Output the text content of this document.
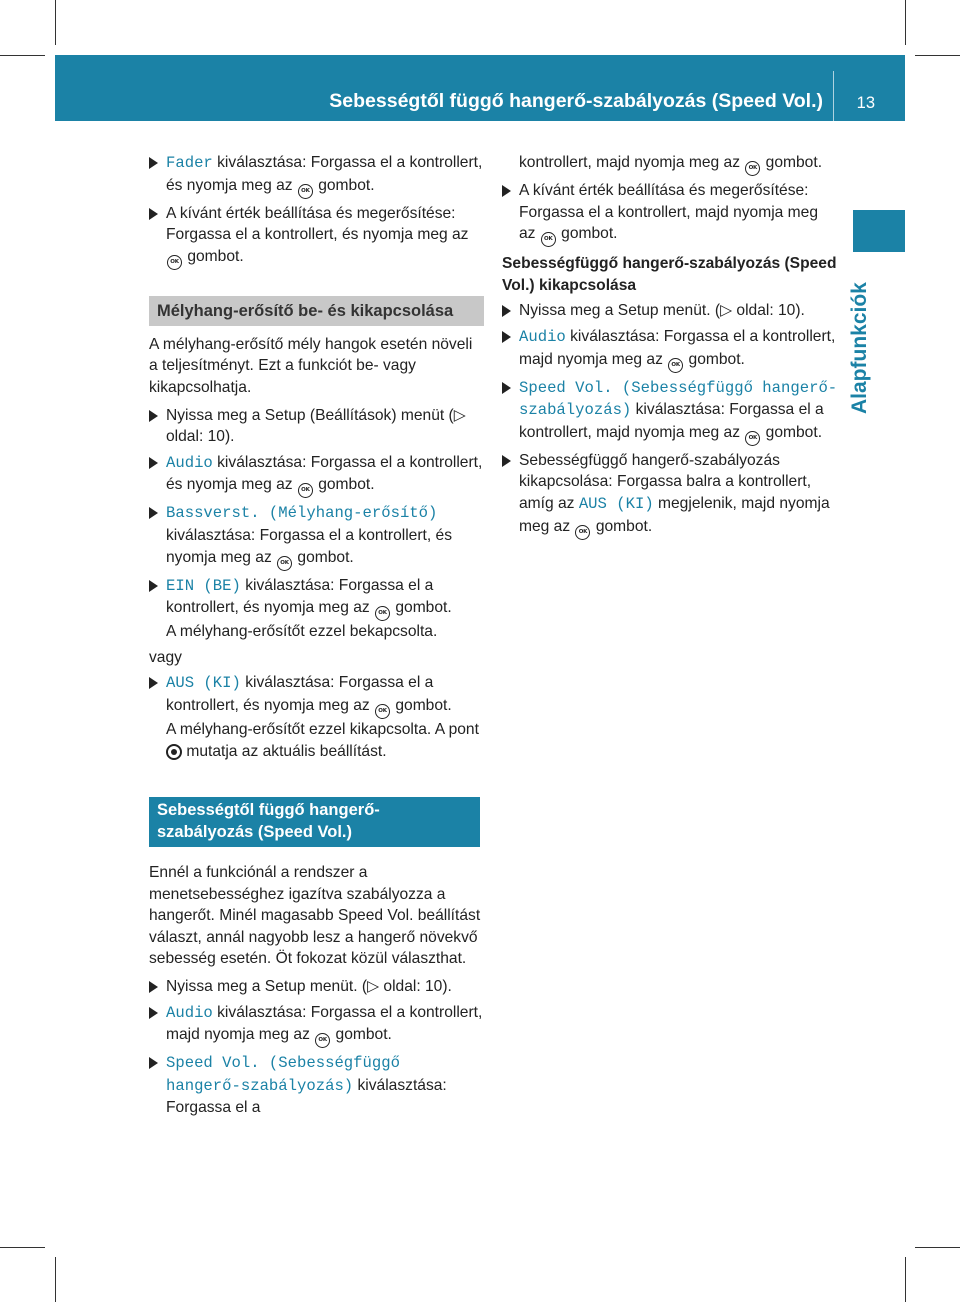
Sebességtől függő hangerő-szabályozás (Speed Vol.) 13
Alapfunkciók
Fader kiválasztása: Forgassa el a kontrollert, és nyomja meg az OK gombot.
A kívánt érték beállítása és megerősítése: Forgassa el a kontrollert, és nyomja meg az OK gombot.
Mélyhang-erősítő be- és kikapcsolása

A mélyhang-erősítő mély hangok esetén növeli a teljesítményt. Ezt a funkciót be- vagy kikapcsolhatja.

Nyissa meg a Setup (Beállítások) menüt (▷ oldal: 10).
Audio kiválasztása: Forgassa el a kontrollert, és nyomja meg az OK gombot.
Bassverst. (Mélyhang-erősítő) kiválasztása: Forgassa el a kontrollert, és nyomja meg az OK gombot.
EIN (BE) kiválasztása: Forgassa el a kontrollert, és nyomja meg az OK gombot.

A mélyhang-erősítőt ezzel bekapcsolta.

vagy

AUS (KI) kiválasztása: Forgassa el a kontrollert, és nyomja meg az OK gombot.

A mélyhang-erősítőt ezzel kikapcsolta. A pont  mutatja az aktuális beállítást.

Sebességtől függő hangerő-szabályozás (Speed Vol.)

Ennél a funkciónál a rendszer a menetsebességhez igazítva szabályozza a hangerőt. Minél magasabb Speed Vol. beállítást választ, annál nagyobb lesz a hangerő növekvő sebesség esetén. Öt fokozat közül választhat.

Nyissa meg a Setup menüt. (▷ oldal: 10).
Audio kiválasztása: Forgassa el a kontrollert, majd nyomja meg az OK gombot.
Speed Vol. (Sebességfüggő hangerő-szabályozás) kiválasztása: Forgassa el a

kontrollert, majd nyomja meg az OK gombot.

A kívánt érték beállítása és megerősítése: Forgassa el a kontrollert, majd nyomja meg az OK gombot.
Sebességfüggő hangerő-szabályozás (Speed Vol.) kikapcsolása
Nyissa meg a Setup menüt. (▷ oldal: 10).
Audio kiválasztása: Forgassa el a kontrollert, majd nyomja meg az OK gombot.
Speed Vol. (Sebességfüggő hangerő-szabályozás) kiválasztása: Forgassa el a kontrollert, majd nyomja meg az OK gombot.
Sebességfüggő hangerő-szabályozás kikapcsolása: Forgassa balra a kontrollert, amíg az AUS (KI) megjelenik, majd nyomja meg az OK gombot.
